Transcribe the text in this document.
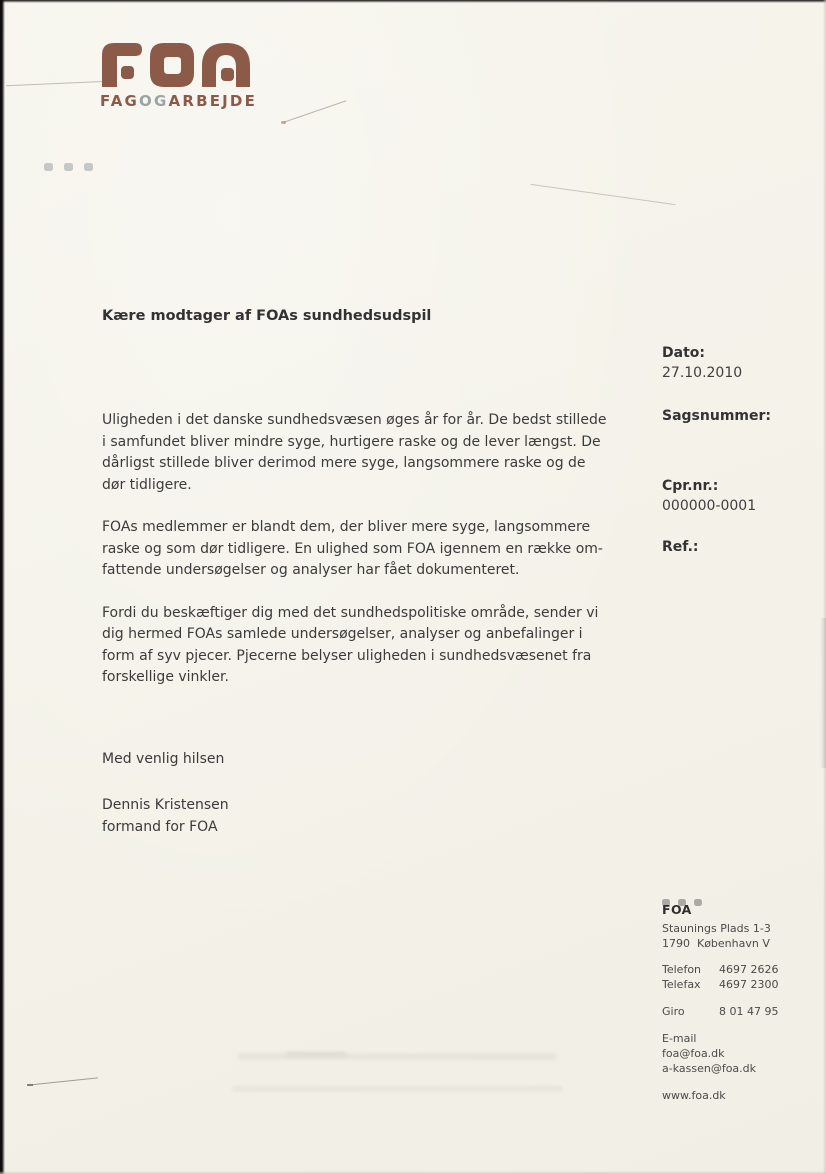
FAGOGARBEJDE
Kære modtager af FOAs sundhedsudspil
Dato:
27.10.2010
Sagsnummer:
Cpr.nr.:
000000-0001
Ref.:
Uligheden i det danske sundhedsvæsen øges år for år. De bedst stillede
i samfundet bliver mindre syge, hurtigere raske og de lever længst. De
dårligst stillede bliver derimod mere syge, langsommere raske og de
dør tidligere.
FOAs medlemmer er blandt dem, der bliver mere syge, langsommere
raske og som dør tidligere. En ulighed som FOA igennem en række om-
fattende undersøgelser og analyser har fået dokumenteret.
Fordi du beskæftiger dig med det sundhedspolitiske område, sender vi
dig hermed FOAs samlede undersøgelser, analyser og anbefalinger i
form af syv pjecer. Pjecerne belyser uligheden i sundhedsvæsenet fra
forskellige vinkler.
Med venlig hilsen
Dennis Kristensen
formand for FOA
FOA
Staunings Plads 1-3
1790  København V
Telefon	4697 2626
Telefax	4697 2300
Giro	8 01 47 95
E-mail
foa@foa.dk
a-kassen@foa.dk
www.foa.dk
